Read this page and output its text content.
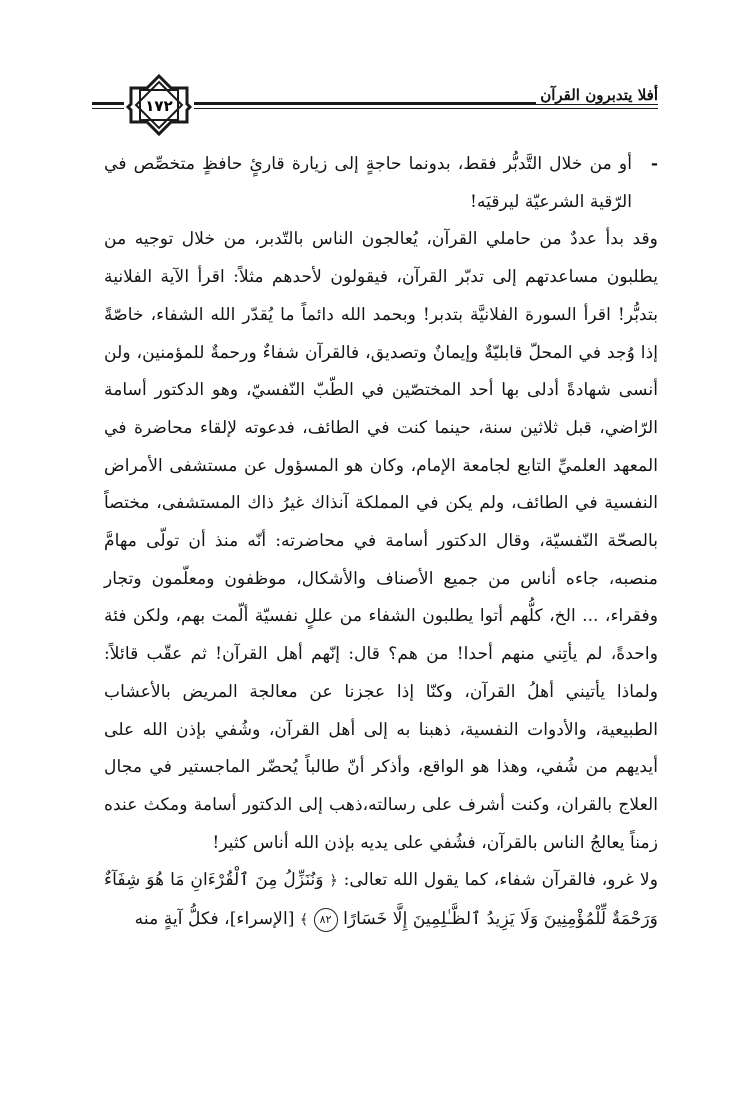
١٧٢
أفلا يتدبرون القرآن

-
أو من خلال التَّدبُّر فقط، بدونما حاجةٍ إلى زيارة قارئٍ حافظٍ متخصِّص في الرّقية الشرعيّة ليرقيَه!

وقد بدأ عددٌ من حاملي القرآن، يُعالجون الناس بالتّدبر، من خلال توجيه من يطلبون مساعدتهم إلى تدبّر القرآن، فيقولون لأحدهم مثلاً: اقرأ الآية الفلانية بتدبُّر! اقرأ السورة الفلانيَّة بتدبر! وبحمد الله دائماً ما يُقدّر الله الشفاء، خاصّةً إذا وُجد في المحلّ قابليّةٌ وإيمانٌ وتصديق، فالقرآن شفاءٌ ورحمةٌ للمؤمنين، ولن أنسى شهادةً أدلى بها أحد المختصّين في الطّبّ النّفسيّ، وهو الدكتور أسامة الرّاضي، قبل ثلاثين سنة، حينما كنت في الطائف، فدعوته لإلقاء محاضرة في المعهد العلميِّ التابع لجامعة الإمام، وكان هو المسؤول عن مستشفى الأمراض النفسية في الطائف، ولم يكن في المملكة آنذاك غيرُ ذاك المستشفى، مختصاً بالصحّة النّفسيّة، وقال الدكتور أسامة في محاضرته: أنّه منذ أن تولّى مهامَّ منصبه، جاءه أناس من جميع الأصناف والأشكال، موظفون ومعلّمون وتجار وفقراء، ... الخ، كلُّهم أتوا يطلبون الشفاء من عللٍ نفسيّة ألّمت بهم، ولكن فئة واحدةً، لم يأتِني منهم أحدا! من هم؟ قال: إنّهم أهل القرآن! ثم عقّب قائلاً: ولماذا يأتيني أهلُ القرآن، وكنّا إذا عجزنا عن معالجة المريض بالأعشاب الطبيعية، والأدوات النفسية، ذهبنا به إلى أهل القرآن، وشُفي بإذن الله على أيديهم من شُفي، وهذا هو الواقع، وأذكر أنّ طالباً يُحضّر الماجستير في مجال العلاج بالقران، وكنت أشرف على رسالته،ذهب إلى الدكتور أسامة ومكث عنده زمناً يعالجُ الناس بالقرآن، فشُفي على يديه بإذن الله أناس كثير!

ولا غرو، فالقرآن شفاء، كما يقول الله تعالى: ﴿ وَنُنَزِّلُ مِنَ ٱلْقُرْءَانِ مَا هُوَ شِفَآءٌ وَرَحْمَةٌ لِّلْمُؤْمِنِينَ وَلَا يَزِيدُ ٱلظَّـٰلِمِينَ إِلَّا خَسَارًا ٨٢ ﴾ [الإسراء]، فكلُّ آيةٍ منه
